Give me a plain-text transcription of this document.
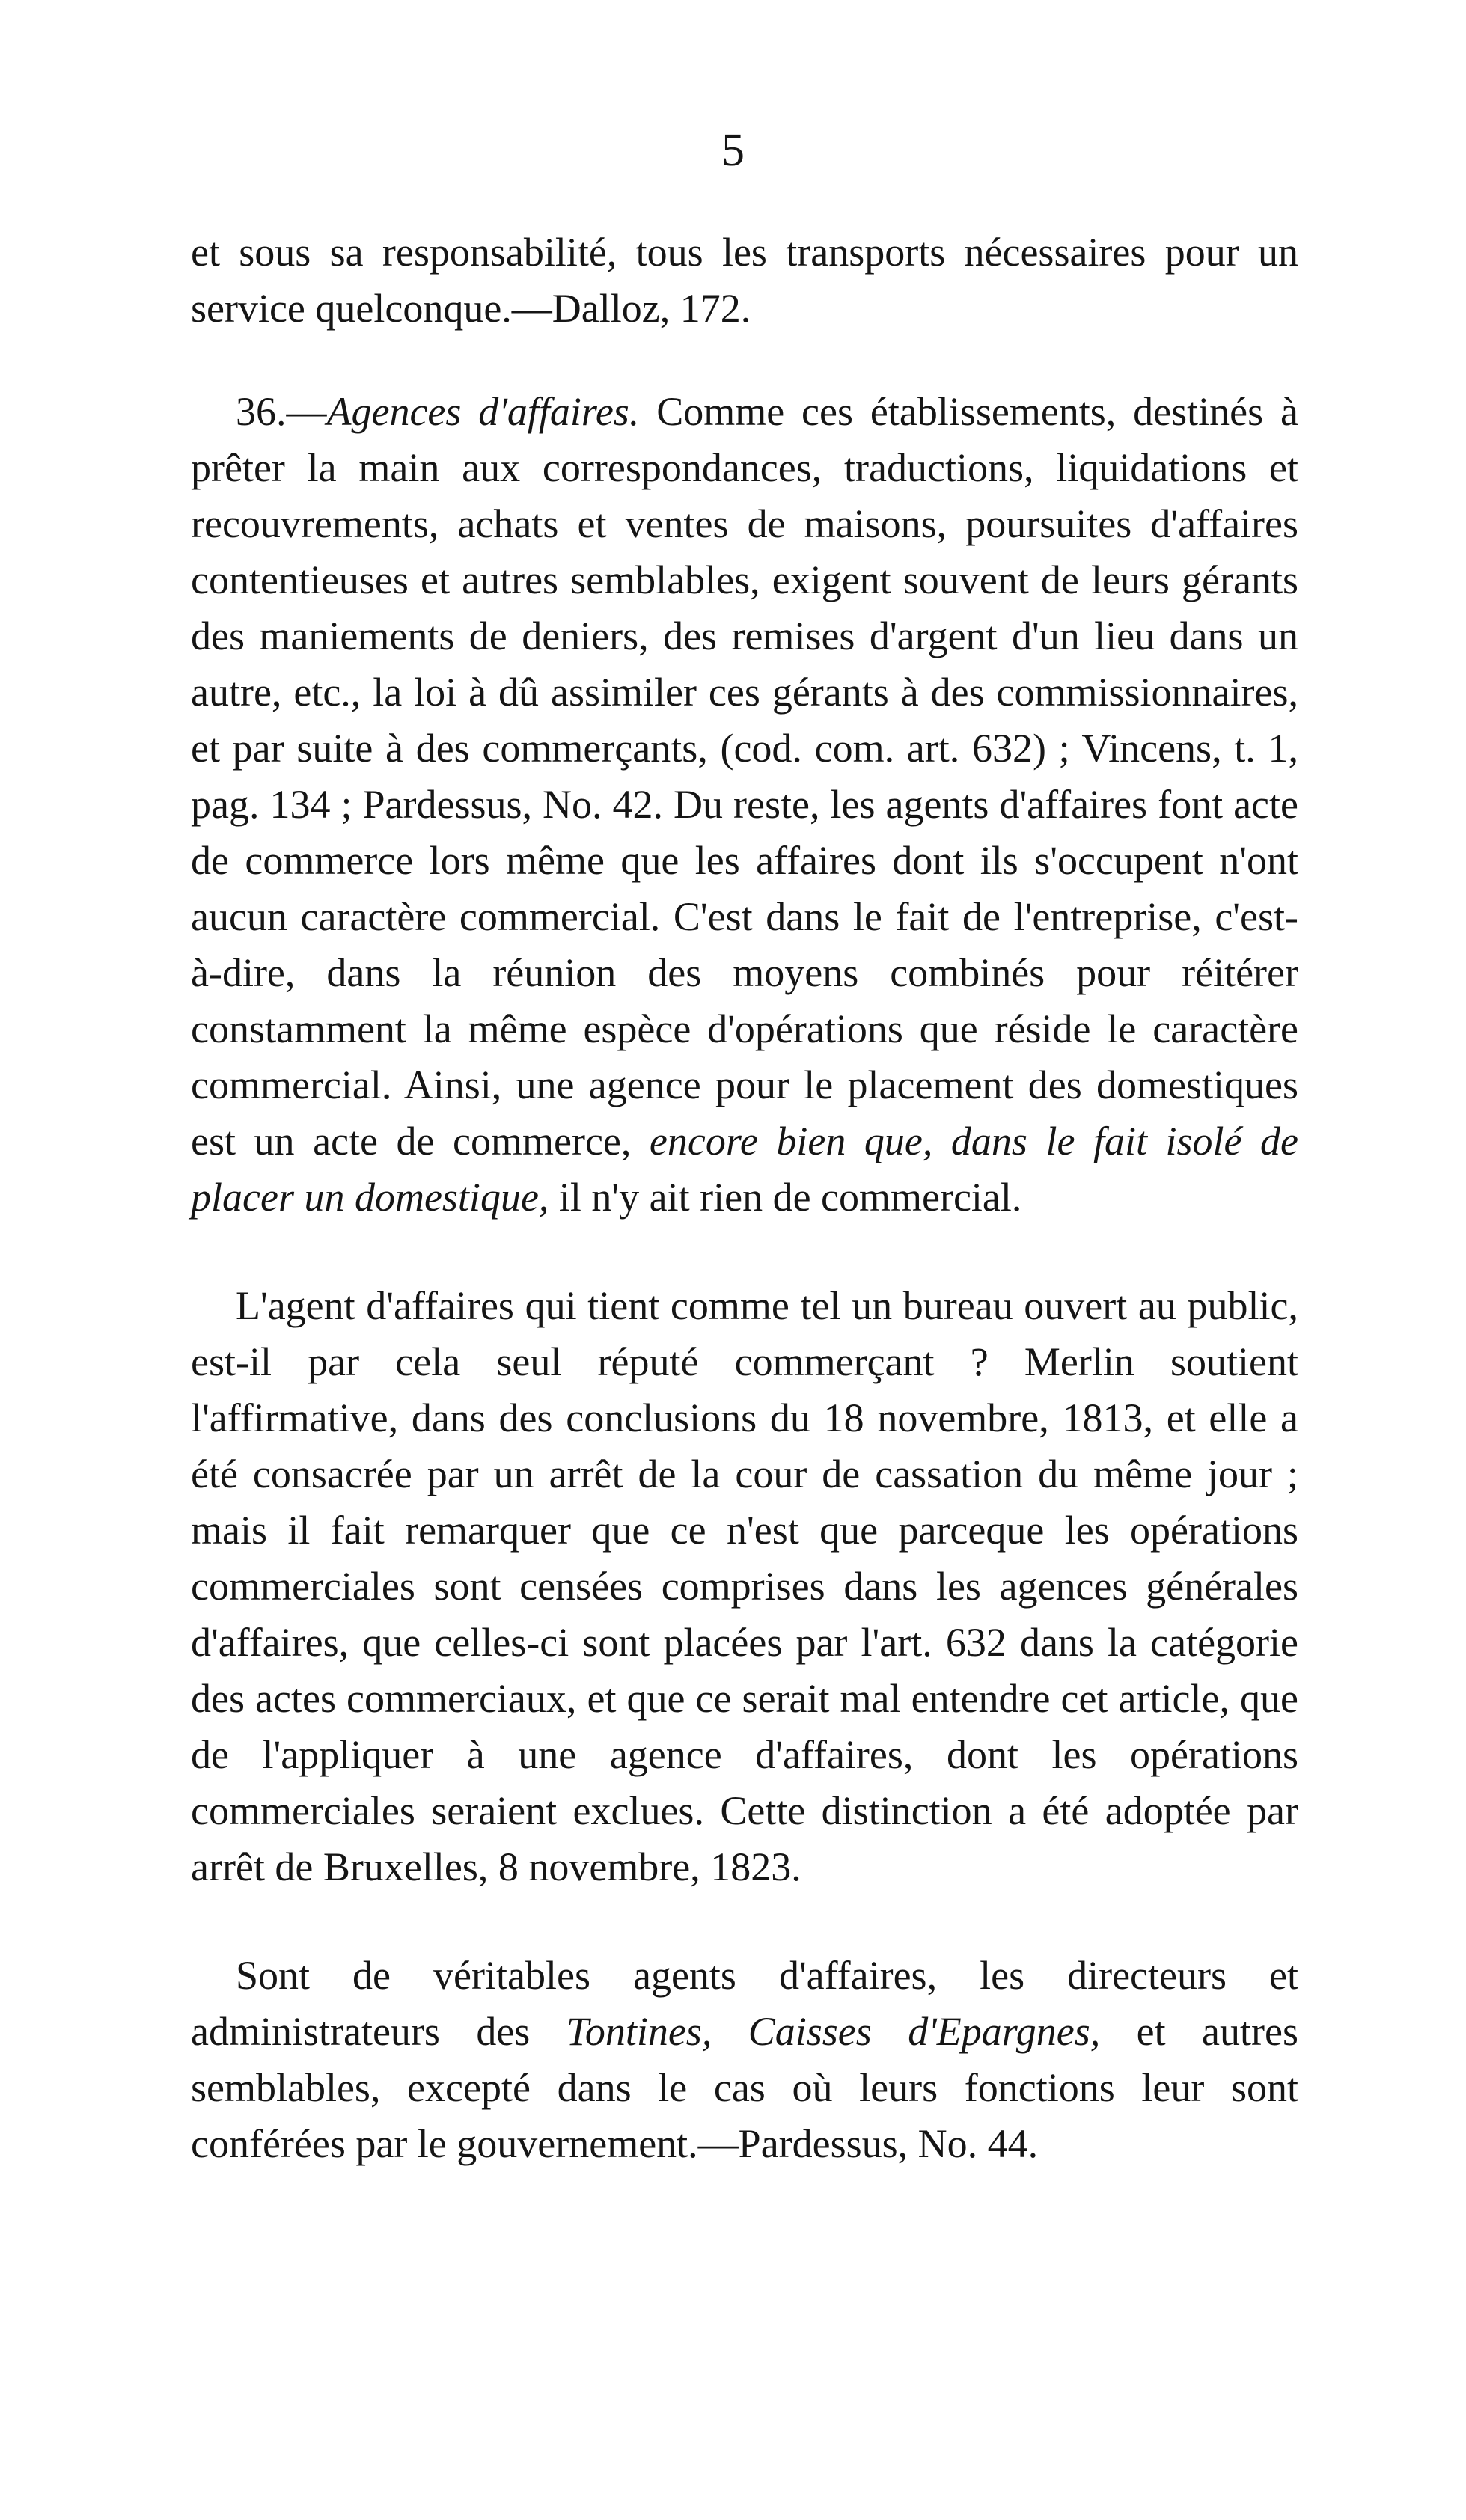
5

et sous sa responsabilité, tous les transports nécessaires pour un service quelconque.—Dalloz, 172.

36.—Agences d'affaires. Comme ces établissements, destinés à prêter la main aux correspondances, traductions, liquidations et recouvrements, achats et ventes de maisons, poursuites d'affaires contentieuses et autres semblables, exigent souvent de leurs gérants des maniements de deniers, des remises d'argent d'un lieu dans un autre, etc., la loi à dû assimiler ces gérants à des commissionnaires, et par suite à des commerçants, (cod. com. art. 632) ; Vincens, t. 1, pag. 134 ; Pardessus, No. 42. Du reste, les agents d'affaires font acte de commerce lors même que les affaires dont ils s'occupent n'ont aucun caractère commercial. C'est dans le fait de l'entreprise, c'est-à-dire, dans la réunion des moyens combinés pour réitérer constamment la même espèce d'opérations que réside le caractère commercial. Ainsi, une agence pour le placement des domestiques est un acte de commerce, encore bien que, dans le fait isolé de placer un domestique, il n'y ait rien de commercial.

L'agent d'affaires qui tient comme tel un bureau ouvert au public, est-il par cela seul réputé commerçant ? Merlin soutient l'affirmative, dans des conclusions du 18 novembre, 1813, et elle a été consacrée par un arrêt de la cour de cassation du même jour ; mais il fait remarquer que ce n'est que parceque les opérations commerciales sont censées comprises dans les agences générales d'affaires, que celles-ci sont placées par l'art. 632 dans la catégorie des actes commerciaux, et que ce serait mal entendre cet article, que de l'appliquer à une agence d'affaires, dont les opérations commerciales seraient exclues. Cette distinction a été adoptée par arrêt de Bruxelles, 8 novembre, 1823.

Sont de véritables agents d'affaires, les directeurs et administrateurs des Tontines, Caisses d'Epargnes, et autres semblables, excepté dans le cas où leurs fonctions leur sont conférées par le gouvernement.—Pardessus, No. 44.
